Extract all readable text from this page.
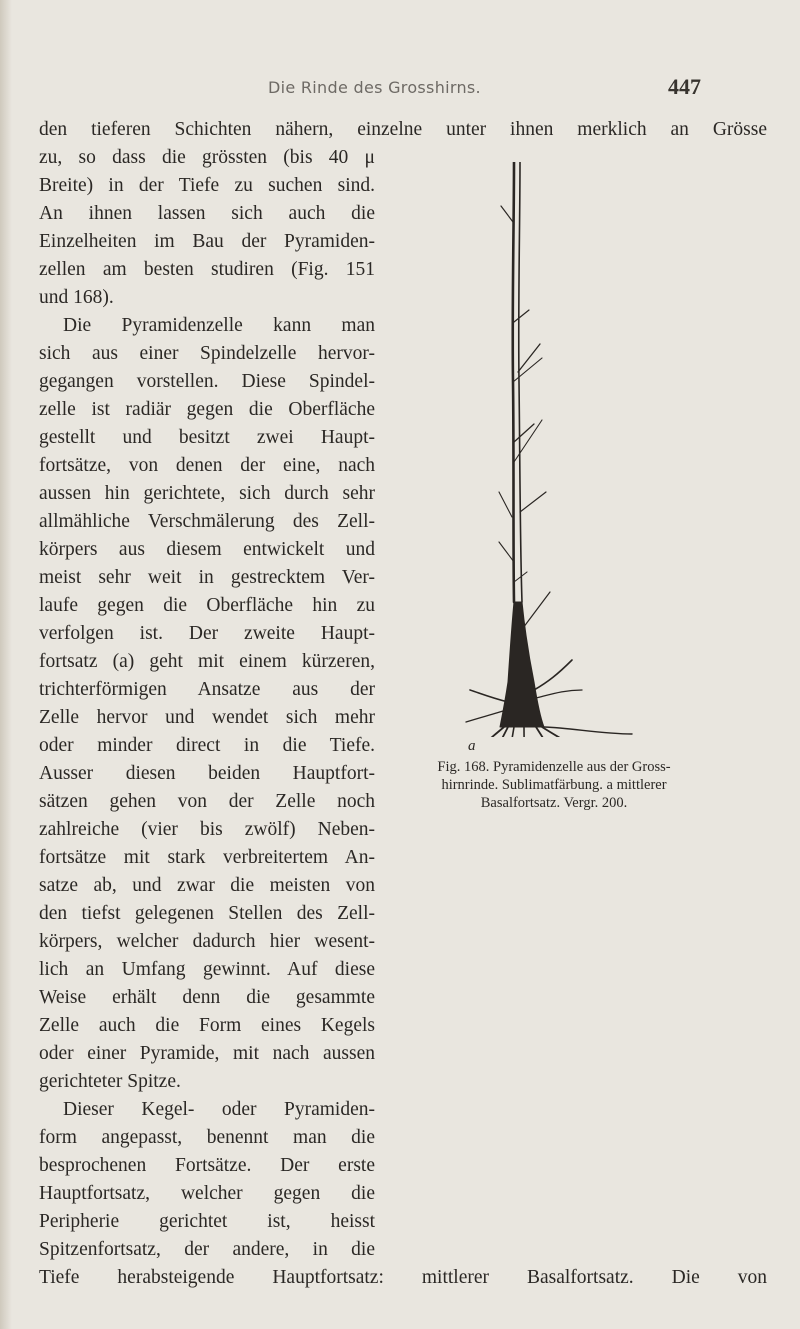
Die Rinde des Grosshirns.	447
den tieferen Schichten nähern, einzelne unter ihnen merklich an Grösse
zu, so dass die grössten (bis 40 μ
Breite) in der Tiefe zu suchen sind.
An ihnen lassen sich auch die
Einzelheiten im Bau der Pyramiden-
zellen am besten studiren (Fig. 151
und 168).
Die Pyramidenzelle kann man
sich aus einer Spindelzelle hervor-
gegangen vorstellen. Diese Spindel-
zelle ist radiär gegen die Oberfläche
gestellt und besitzt zwei Haupt-
fortsätze, von denen der eine, nach
aussen hin gerichtete, sich durch sehr
allmähliche Verschmälerung des Zell-
körpers aus diesem entwickelt und
meist sehr weit in gestrecktem Ver-
laufe gegen die Oberfläche hin zu
verfolgen ist. Der zweite Haupt-
fortsatz (a) geht mit einem kürzeren,
trichterförmigen Ansatze aus der
Zelle hervor und wendet sich mehr
oder minder direct in die Tiefe.
Ausser diesen beiden Hauptfort-
sätzen gehen von der Zelle noch
zahlreiche (vier bis zwölf) Neben-
fortsätze mit stark verbreitertem An-
satze ab, und zwar die meisten von
den tiefst gelegenen Stellen des Zell-
körpers, welcher dadurch hier wesent-
lich an Umfang gewinnt. Auf diese
Weise erhält denn die gesammte
Zelle auch die Form eines Kegels
oder einer Pyramide, mit nach aussen
gerichteter Spitze.
Dieser Kegel- oder Pyramiden-
form angepasst, benennt man die
besprochenen Fortsätze. Der erste
Hauptfortsatz, welcher gegen die
Peripherie gerichtet ist, heisst
Spitzenfortsatz, der andere, in die
Tiefe herabsteigende Hauptfortsatz: mittlerer Basalfortsatz. Die von
a
Fig. 168. Pyramidenzelle aus der Gross-
hirnrinde. Sublimatfärbung. a mittlerer
Basalfortsatz. Vergr. 200.
